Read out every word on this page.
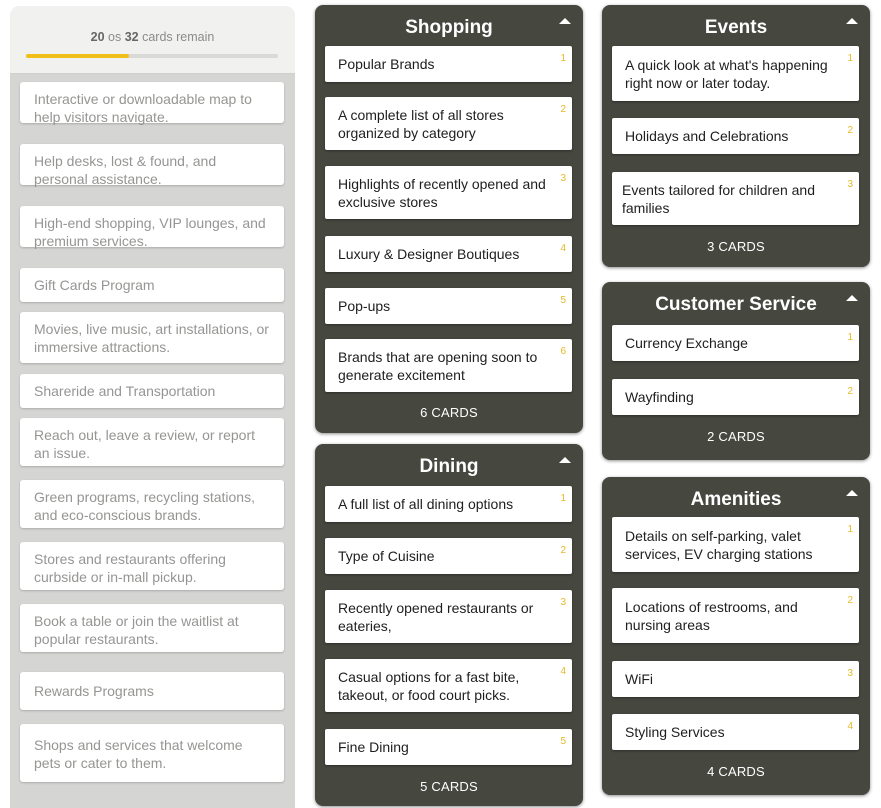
20 os 32 cards remain
Interactive or downloadable map to help visitors navigate.
Help desks, lost & found, and personal assistance.
High-end shopping, VIP lounges, and premium services.
Gift Cards Program
Movies, live music, art installations, or immersive attractions.
Shareride and Transportation
Reach out, leave a review, or report an issue.
Green programs, recycling stations, and eco-conscious brands.
Stores and restaurants offering curbside or in-mall pickup.
Book a table or join the waitlist at popular restaurants.
Rewards Programs
Shops and services that welcome pets or cater to them.
Shopping
Popular Brands	1
A complete list of all stores organized by category
2
Highlights of recently opened and exclusive stores
3
Luxury & Designer Boutiques	4
Pop-ups	5
Brands that are opening soon to generate excitement
6
6 CARDS
Dining
A full list of all dining options	1
Type of Cuisine	2
Recently opened restaurants or eateries,
3
Casual options for a fast bite, takeout, or food court picks.
4
Fine Dining	5
5 CARDS
Events
A quick look at what's happening right now or later today.
1
Holidays and Celebrations	2
Events tailored for children and families
3
3 CARDS
Customer Service
Currency Exchange	1
Wayfinding	2
2 CARDS
Amenities
Details on self-parking, valet services, EV charging stations
1
Locations of restrooms, and nursing areas
2
WiFi	3
Styling Services	4
4 CARDS
